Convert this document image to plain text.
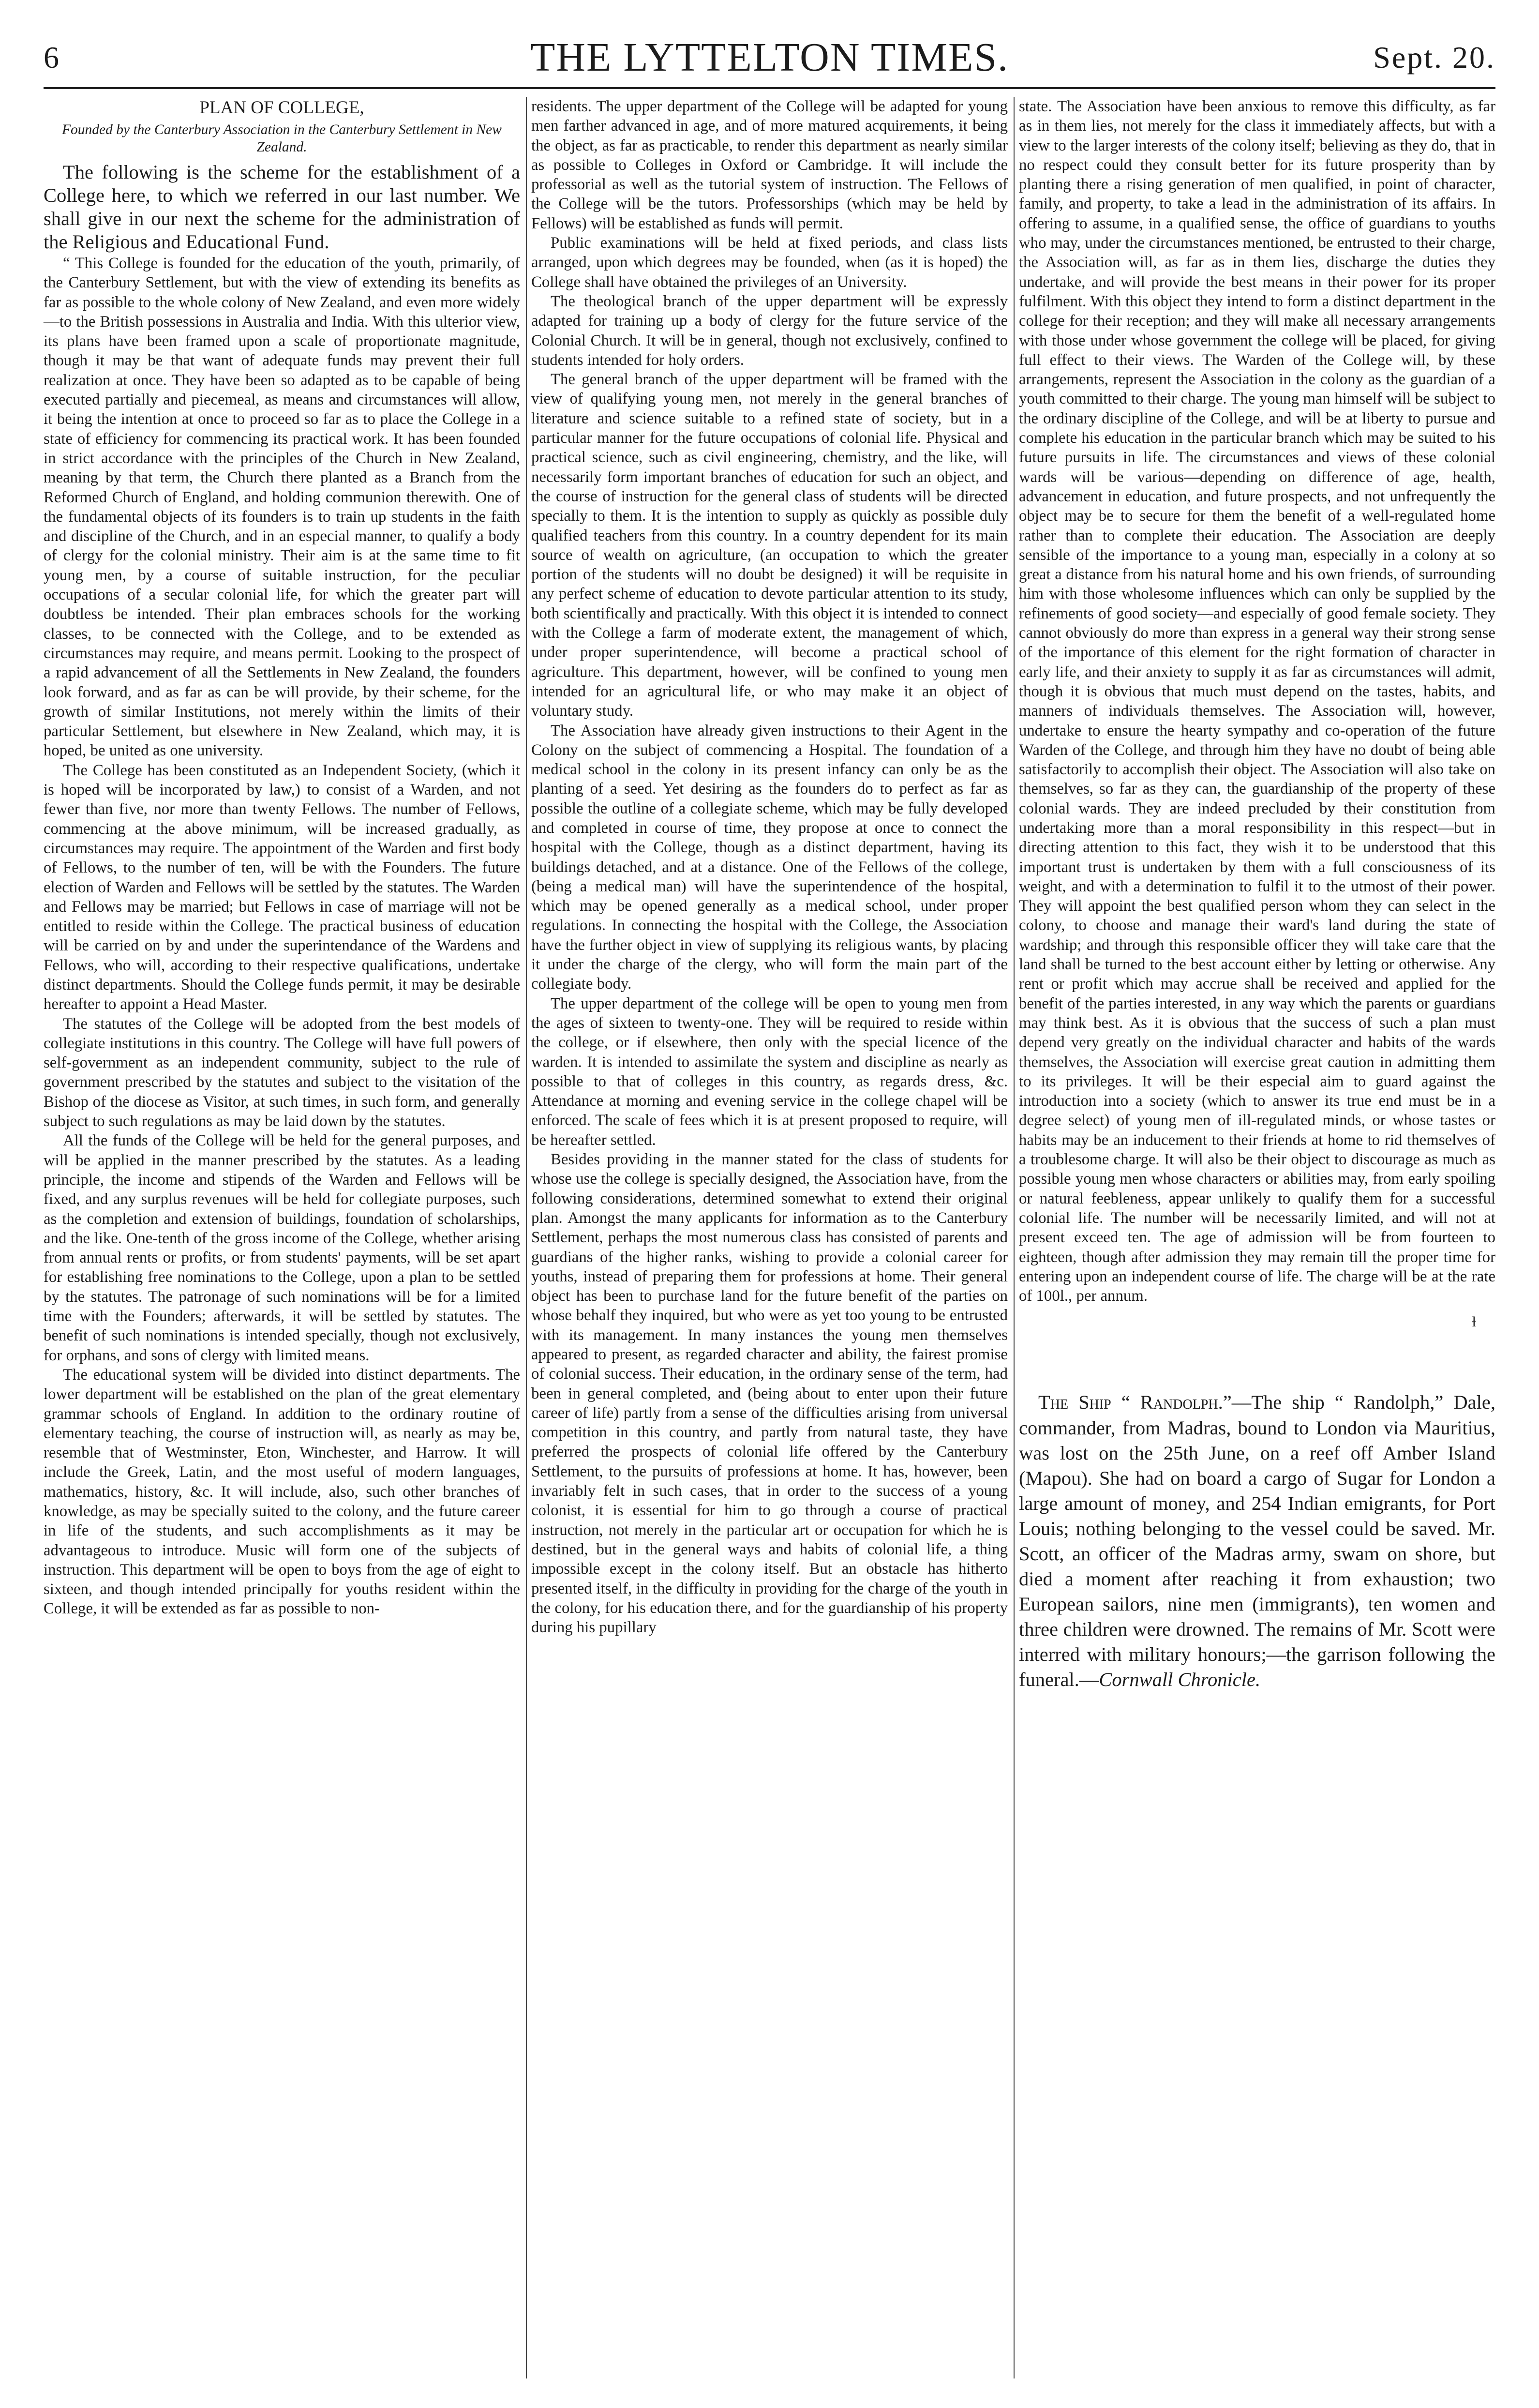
6	THE LYTTELTON TIMES.	Sept. 20.
PLAN OF COLLEGE,
Founded by the Canterbury Association in the Canterbury Settlement in New Zealand.

The following is the scheme for the establishment of a College here, to which we referred in our last number. We shall give in our next the scheme for the administration of the Religious and Educational Fund.

“ This College is founded for the education of the youth, primarily, of the Canterbury Settlement, but with the view of extending its benefits as far as possible to the whole colony of New Zealand, and even more widely—to the British possessions in Australia and India. With this ulterior view, its plans have been framed upon a scale of proportionate magnitude, though it may be that want of adequate funds may prevent their full realization at once. They have been so adapted as to be capable of being executed partially and piecemeal, as means and circumstances will allow, it being the intention at once to proceed so far as to place the College in a state of efficiency for commencing its practical work. It has been founded in strict accordance with the principles of the Church in New Zealand, meaning by that term, the Church there planted as a Branch from the Reformed Church of England, and holding communion therewith. One of the fundamental objects of its founders is to train up students in the faith and discipline of the Church, and in an especial manner, to qualify a body of clergy for the colonial ministry. Their aim is at the same time to fit young men, by a course of suitable instruction, for the peculiar occupations of a secular colonial life, for which the greater part will doubtless be intended. Their plan embraces schools for the working classes, to be connected with the College, and to be extended as circumstances may require, and means permit. Looking to the prospect of a rapid advancement of all the Settlements in New Zealand, the founders look forward, and as far as can be will provide, by their scheme, for the growth of similar Institutions, not merely within the limits of their particular Settlement, but elsewhere in New Zealand, which may, it is hoped, be united as one university.

The College has been constituted as an Independent Society, (which it is hoped will be incorporated by law,) to consist of a Warden, and not fewer than five, nor more than twenty Fellows. The number of Fellows, commencing at the above minimum, will be increased gradually, as circumstances may require. The appointment of the Warden and first body of Fellows, to the number of ten, will be with the Founders. The future election of Warden and Fellows will be settled by the statutes. The Warden and Fellows may be married; but Fellows in case of marriage will not be entitled to reside within the College. The practical business of education will be carried on by and under the superintendance of the Wardens and Fellows, who will, according to their respective qualifications, undertake distinct departments. Should the College funds permit, it may be desirable hereafter to appoint a Head Master.

The statutes of the College will be adopted from the best models of collegiate institutions in this country. The College will have full powers of self-government as an independent community, subject to the rule of government prescribed by the statutes and subject to the visitation of the Bishop of the diocese as Visitor, at such times, in such form, and generally subject to such regulations as may be laid down by the statutes.

All the funds of the College will be held for the general purposes, and will be applied in the manner prescribed by the statutes. As a leading principle, the income and stipends of the Warden and Fellows will be fixed, and any surplus revenues will be held for collegiate purposes, such as the completion and extension of buildings, foundation of scholarships, and the like. One-tenth of the gross income of the College, whether arising from annual rents or profits, or from students' payments, will be set apart for establishing free nominations to the College, upon a plan to be settled by the statutes. The patronage of such nominations will be for a limited time with the Founders; afterwards, it will be settled by statutes. The benefit of such nominations is intended specially, though not exclusively, for orphans, and sons of clergy with limited means.

The educational system will be divided into distinct departments. The lower department will be established on the plan of the great elementary grammar schools of England. In addition to the ordinary routine of elementary teaching, the course of instruction will, as nearly as may be, resemble that of Westminster, Eton, Winchester, and Harrow. It will include the Greek, Latin, and the most useful of modern languages, mathematics, history, &c. It will include, also, such other branches of knowledge, as may be specially suited to the colony, and the future career in life of the students, and such accomplishments as it may be advantageous to introduce. Music will form one of the subjects of instruction. This department will be open to boys from the age of eight to sixteen, and though intended principally for youths resident within the College, it will be extended as far as possible to non-

residents. The upper department of the College will be adapted for young men farther advanced in age, and of more matured acquirements, it being the object, as far as practicable, to render this department as nearly similar as possible to Colleges in Oxford or Cambridge. It will include the professorial as well as the tutorial system of instruction. The Fellows of the College will be the tutors. Professorships (which may be held by Fellows) will be established as funds will permit.

Public examinations will be held at fixed periods, and class lists arranged, upon which degrees may be founded, when (as it is hoped) the College shall have obtained the privileges of an University.

The theological branch of the upper department will be expressly adapted for training up a body of clergy for the future service of the Colonial Church. It will be in general, though not exclusively, confined to students intended for holy orders.

The general branch of the upper department will be framed with the view of qualifying young men, not merely in the general branches of literature and science suitable to a refined state of society, but in a particular manner for the future occupations of colonial life. Physical and practical science, such as civil engineering, chemistry, and the like, will necessarily form important branches of education for such an object, and the course of instruction for the general class of students will be directed specially to them. It is the intention to supply as quickly as possible duly qualified teachers from this country. In a country dependent for its main source of wealth on agriculture, (an occupation to which the greater portion of the students will no doubt be designed) it will be requisite in any perfect scheme of education to devote particular attention to its study, both scientifically and practically. With this object it is intended to connect with the College a farm of moderate extent, the management of which, under proper superintendence, will become a practical school of agriculture. This department, however, will be confined to young men intended for an agricultural life, or who may make it an object of voluntary study.

The Association have already given instructions to their Agent in the Colony on the subject of commencing a Hospital. The foundation of a medical school in the colony in its present infancy can only be as the planting of a seed. Yet desiring as the founders do to perfect as far as possible the outline of a collegiate scheme, which may be fully developed and completed in course of time, they propose at once to connect the hospital with the College, though as a distinct department, having its buildings detached, and at a distance. One of the Fellows of the college, (being a medical man) will have the superintendence of the hospital, which may be opened generally as a medical school, under proper regulations. In connecting the hospital with the College, the Association have the further object in view of supplying its religious wants, by placing it under the charge of the clergy, who will form the main part of the collegiate body.

The upper department of the college will be open to young men from the ages of sixteen to twenty-one. They will be required to reside within the college, or if elsewhere, then only with the special licence of the warden. It is intended to assimilate the system and discipline as nearly as possible to that of colleges in this country, as regards dress, &c. Attendance at morning and evening service in the college chapel will be enforced. The scale of fees which it is at present proposed to require, will be hereafter settled.

Besides providing in the manner stated for the class of students for whose use the college is specially designed, the Association have, from the following considerations, determined somewhat to extend their original plan. Amongst the many applicants for information as to the Canterbury Settlement, perhaps the most numerous class has consisted of parents and guardians of the higher ranks, wishing to provide a colonial career for youths, instead of preparing them for professions at home. Their general object has been to purchase land for the future benefit of the parties on whose behalf they inquired, but who were as yet too young to be entrusted with its management. In many instances the young men themselves appeared to present, as regarded character and ability, the fairest promise of colonial success. Their education, in the ordinary sense of the term, had been in general completed, and (being about to enter upon their future career of life) partly from a sense of the difficulties arising from universal competition in this country, and partly from natural taste, they have preferred the prospects of colonial life offered by the Canterbury Settlement, to the pursuits of professions at home. It has, however, been invariably felt in such cases, that in order to the success of a young colonist, it is essential for him to go through a course of practical instruction, not merely in the particular art or occupation for which he is destined, but in the general ways and habits of colonial life, a thing impossible except in the colony itself. But an obstacle has hitherto presented itself, in the difficulty in providing for the charge of the youth in the colony, for his education there, and for the guardianship of his property during his pupillary

state. The Association have been anxious to remove this difficulty, as far as in them lies, not merely for the class it immediately affects, but with a view to the larger interests of the colony itself; believing as they do, that in no respect could they consult better for its future prosperity than by planting there a rising generation of men qualified, in point of character, family, and property, to take a lead in the administration of its affairs. In offering to assume, in a qualified sense, the office of guardians to youths who may, under the circumstances mentioned, be entrusted to their charge, the Association will, as far as in them lies, discharge the duties they undertake, and will provide the best means in their power for its proper fulfilment. With this object they intend to form a distinct department in the college for their reception; and they will make all necessary arrangements with those under whose government the college will be placed, for giving full effect to their views. The Warden of the College will, by these arrangements, represent the Association in the colony as the guardian of a youth committed to their charge. The young man himself will be subject to the ordinary discipline of the College, and will be at liberty to pursue and complete his education in the particular branch which may be suited to his future pursuits in life. The circumstances and views of these colonial wards will be various—depending on difference of age, health, advancement in education, and future prospects, and not unfrequently the object may be to secure for them the benefit of a well-regulated home rather than to complete their education. The Association are deeply sensible of the importance to a young man, especially in a colony at so great a distance from his natural home and his own friends, of surrounding him with those wholesome influences which can only be supplied by the refinements of good society—and especially of good female society. They cannot obviously do more than express in a general way their strong sense of the importance of this element for the right formation of character in early life, and their anxiety to supply it as far as circumstances will admit, though it is obvious that much must depend on the tastes, habits, and manners of individuals themselves. The Association will, however, undertake to ensure the hearty sympathy and co-operation of the future Warden of the College, and through him they have no doubt of being able satisfactorily to accomplish their object. The Association will also take on themselves, so far as they can, the guardianship of the property of these colonial wards. They are indeed precluded by their constitution from undertaking more than a moral responsibility in this respect—but in directing attention to this fact, they wish it to be understood that this important trust is undertaken by them with a full consciousness of its weight, and with a determination to fulfil it to the utmost of their power. They will appoint the best qualified person whom they can select in the colony, to choose and manage their ward's land during the state of wardship; and through this responsible officer they will take care that the land shall be turned to the best account either by letting or otherwise. Any rent or profit which may accrue shall be received and applied for the benefit of the parties interested, in any way which the parents or guardians may think best. As it is obvious that the success of such a plan must depend very greatly on the individual character and habits of the wards themselves, the Association will exercise great caution in admitting them to its privileges. It will be their especial aim to guard against the introduction into a society (which to answer its true end must be in a degree select) of young men of ill-regulated minds, or whose tastes or habits may be an inducement to their friends at home to rid themselves of a troublesome charge. It will also be their object to discourage as much as possible young men whose characters or abilities may, from early spoiling or natural feebleness, appear unlikely to qualify them for a successful colonial life. The number will be necessarily limited, and will not at present exceed ten. The age of admission will be from fourteen to eighteen, though after admission they may remain till the proper time for entering upon an independent course of life. The charge will be at the rate of 100l., per annum.

ɫ

The Ship “ Randolph.”—The ship “ Randolph,” Dale, commander, from Madras, bound to London via Mauritius, was lost on the 25th June, on a reef off Amber Island (Mapou). She had on board a cargo of Sugar for London a large amount of money, and 254 Indian emigrants, for Port Louis; nothing belonging to the vessel could be saved. Mr. Scott, an officer of the Madras army, swam on shore, but died a moment after reaching it from exhaustion; two European sailors, nine men (immigrants), ten women and three children were drowned. The remains of Mr. Scott were interred with military honours;—the garrison following the funeral.—Cornwall Chronicle.
